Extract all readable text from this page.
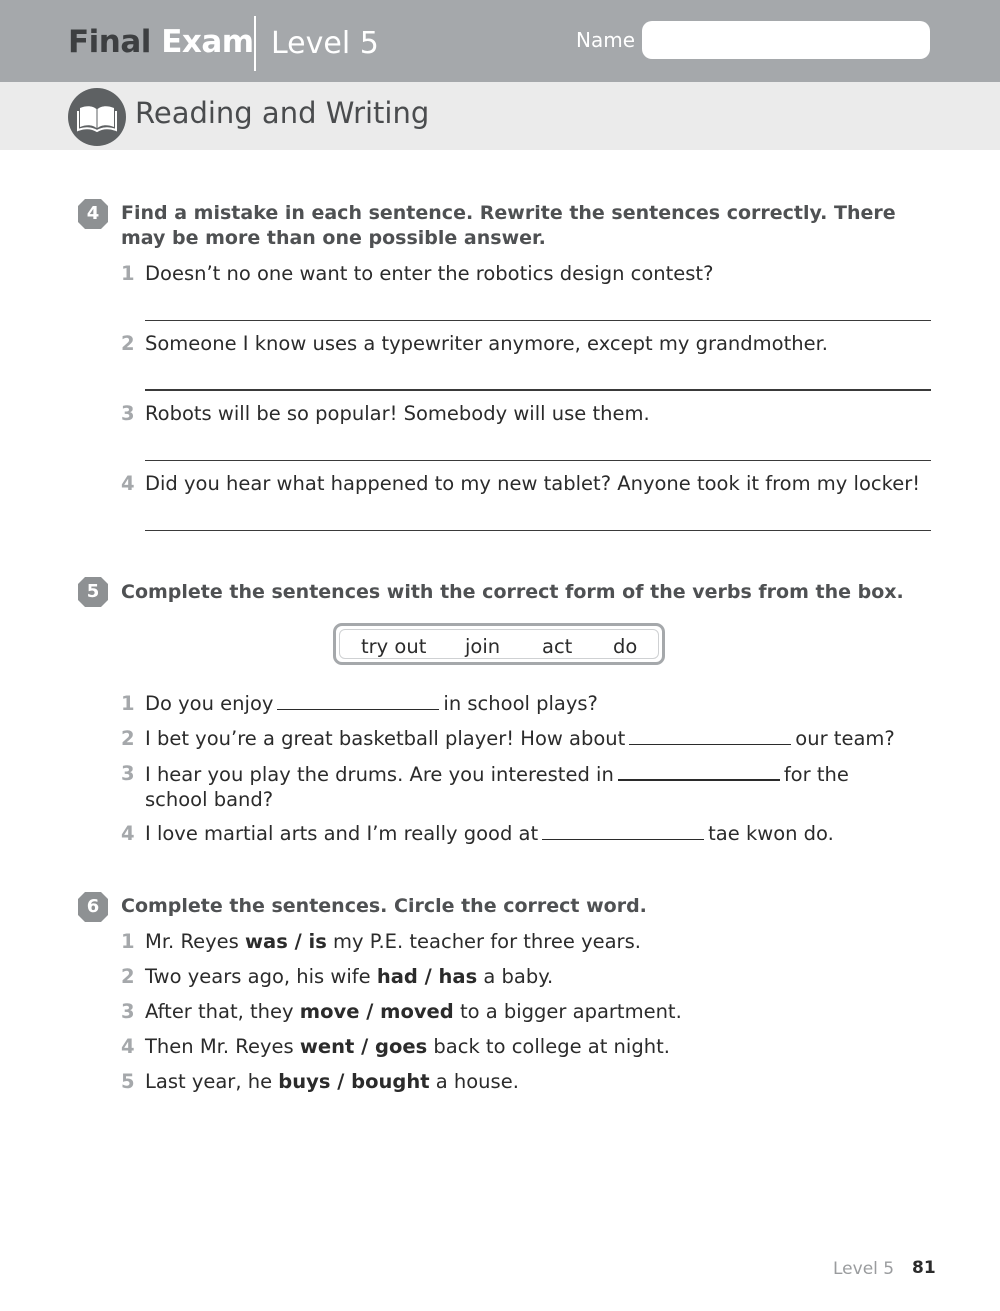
Final Exam Level 5	Name
Reading and Writing
4	Find a mistake in each sentence. Rewrite the sentences correctly. There may be more than one possible answer.
1 Doesn’t no one want to enter the robotics design contest?
2 Someone I know uses a typewriter anymore, except my grandmother.
3 Robots will be so popular! Somebody will use them.
4 Did you hear what happened to my new tablet? Anyone took it from my locker!
5	Complete the sentences with the correct form of the verbs from the box.
try out join act do
1 Do you enjoy	in school plays?
2 I bet you’re a great basketball player! How about	our team?
3 I hear you play the drums. Are you interested in	for the
school band?
4 I love martial arts and I’m really good at	tae kwon do.
6	Complete the sentences. Circle the correct word.
1 Mr. Reyes was / is my P.E. teacher for three years.
2 Two years ago, his wife had / has a baby.
3 After that, they move / moved to a bigger apartment.
4 Then Mr. Reyes went / goes back to college at night.
5 Last year, he buys / bought a house.
Level 5 81
